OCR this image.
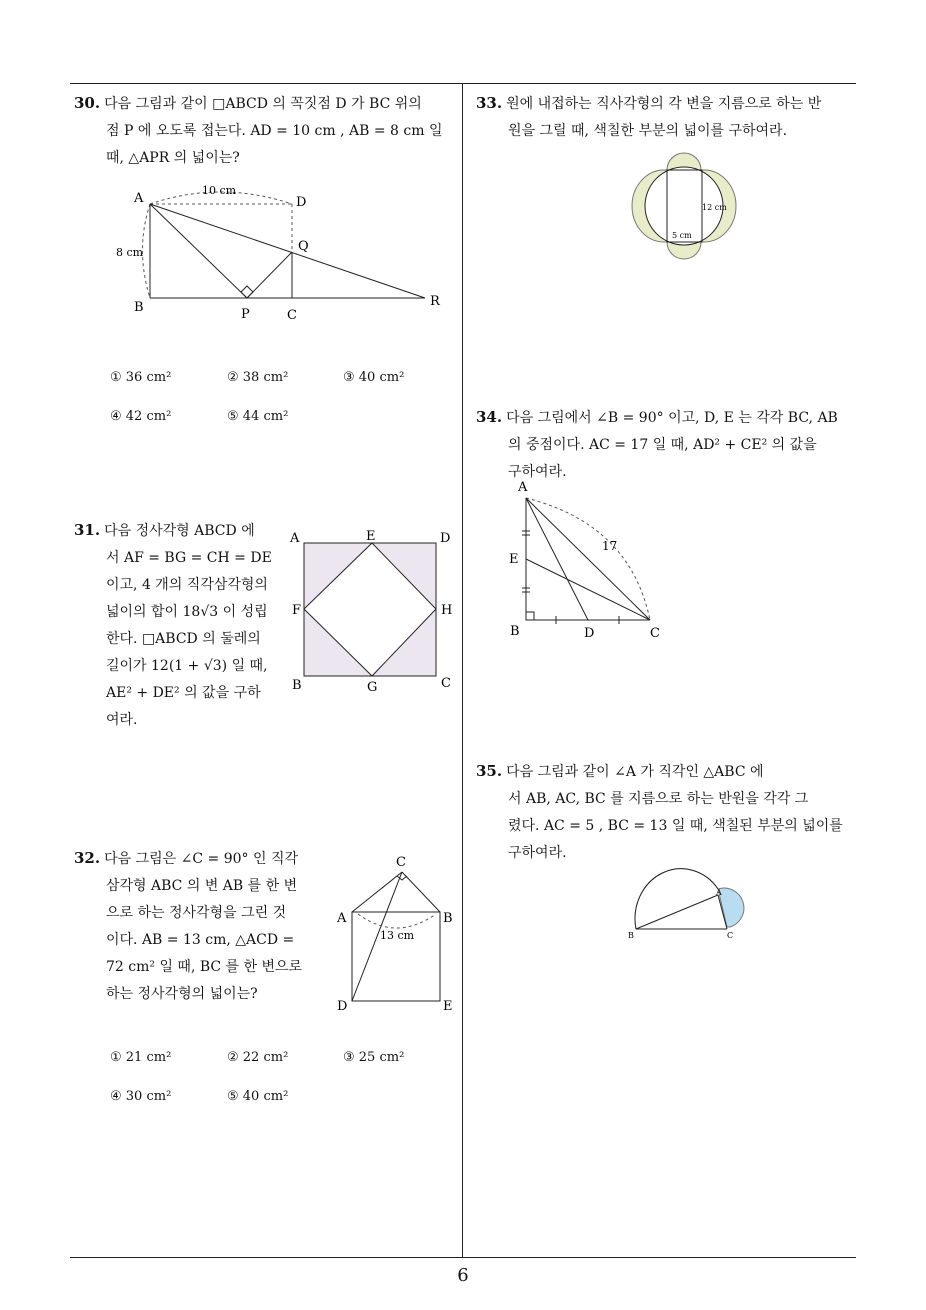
30. 다음 그림과 같이 □ABCD 의 꼭짓점 D 가 BC 위의
점 P 에 오도록 접는다. AD = 10 cm , AB = 8 cm 일
때, △APR 의 넓이는?
A	D
Q
B	P	C
R
10 cm
8 cm
① 36 cm²	② 38 cm²	③ 40 cm²
④ 42 cm²	⑤ 44 cm²
31. 다음 정사각형 ABCD 에
서 AF = BG = CH = DE
이고, 4 개의 직각삼각형의
넓이의 합이 18√3 이 성립
한다. □ABCD 의 둘레의
길이가 12(1 + √3) 일 때,
AE² + DE² 의 값을 구하
여라.
A	E	D
F	H
B	G	C
32. 다음 그림은 ∠C = 90° 인 직각
삼각형 ABC 의 변 AB 를 한 변
으로 하는 정사각형을 그린 것
이다. AB = 13 cm, △ACD =
72 cm² 일 때, BC 를 한 변으로
하는 정사각형의 넓이는?
C
A	B
D	E
13 cm
① 21 cm²	② 22 cm²	③ 25 cm²
④ 30 cm²	⑤ 40 cm²
33. 원에 내접하는 직사각형의 각 변을 지름으로 하는 반
원을 그릴 때, 색칠한 부분의 넓이를 구하여라.
12 cm
5 cm
34. 다음 그림에서 ∠B = 90° 이고, D, E 는 각각 BC, AB
의 중점이다. AC = 17 일 때, AD² + CE² 의 값을
구하여라.
A
E
B	D	C
17
35. 다음 그림과 같이 ∠A 가 직각인 △ABC 에
서 AB, AC, BC 를 지름으로 하는 반원을 각각 그
렸다. AC = 5 , BC = 13 일 때, 색칠된 부분의 넓이를
구하여라.
A
B	C
6
